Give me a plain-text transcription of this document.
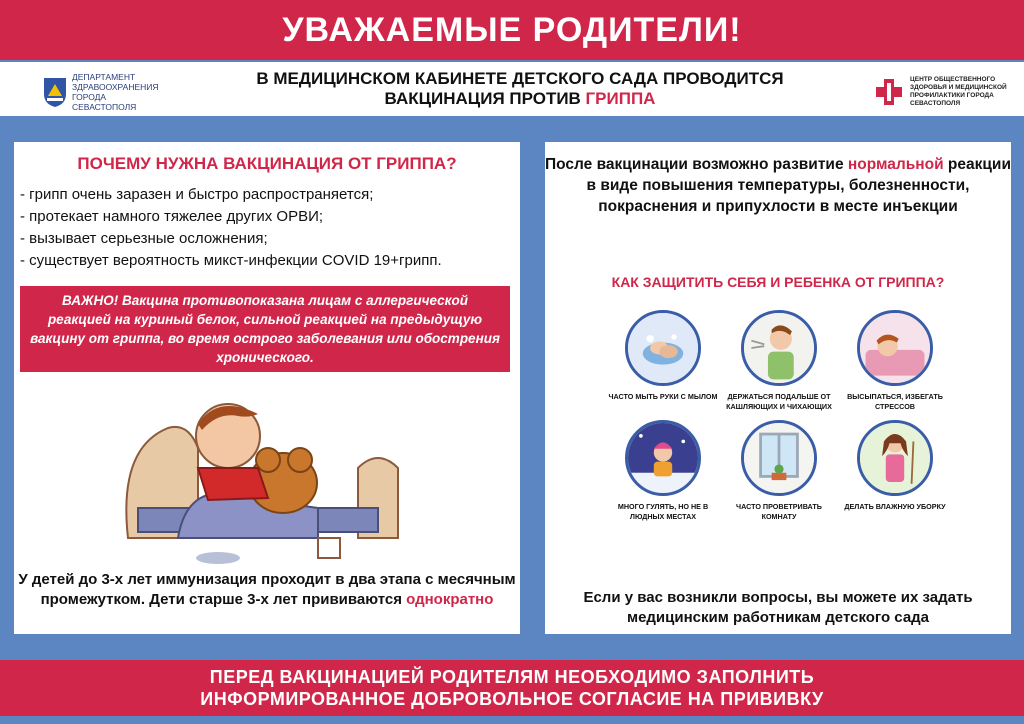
УВАЖАЕМЫЕ РОДИТЕЛИ!
ДЕПАРТАМЕНТ ЗДРАВООХРАНЕНИЯ ГОРОДА СЕВАСТОПОЛЯ
В МЕДИЦИНСКОМ КАБИНЕТЕ ДЕТСКОГО САДА ПРОВОДИТСЯ
ВАКЦИНАЦИЯ ПРОТИВ ГРИППА
ЦЕНТР ОБЩЕСТВЕННОГО ЗДОРОВЬЯ И МЕДИЦИНСКОЙ ПРОФИЛАКТИКИ ГОРОДА СЕВАСТОПОЛЯ
ПОЧЕМУ НУЖНА ВАКЦИНАЦИЯ ОТ ГРИППА?
- грипп очень заразен и быстро распространяется;
- протекает намного тяжелее других ОРВИ;
- вызывает серьезные осложнения;
- существует вероятность микст-инфекции COVID 19+грипп.
ВАЖНО! Вакцина противопоказана лицам с аллергической реакцией на куриный белок, сильной реакцией на предыдущую вакцину от гриппа, во время острого заболевания или обострения хронического.
У детей до 3-х лет иммунизация проходит в два этапа с месячным промежутком. Дети старше 3-х лет прививаются однократно
После вакцинации возможно развитие нормальной реакции в виде повышения температуры, болезненности, покраснения и припухлости в месте инъекции
КАК ЗАЩИТИТЬ СЕБЯ И РЕБЕНКА ОТ ГРИППА?
ЧАСТО МЫТЬ РУКИ С МЫЛОМ	ДЕРЖАТЬСЯ ПОДАЛЬШЕ ОТ КАШЛЯЮЩИХ И ЧИХАЮЩИХ
ВЫСЫПАТЬСЯ, ИЗБЕГАТЬ СТРЕССОВ
МНОГО ГУЛЯТЬ, НО НЕ В ЛЮДНЫХ МЕСТАХ
ЧАСТО ПРОВЕТРИВАТЬ КОМНАТУ
ДЕЛАТЬ ВЛАЖНУЮ УБОРКУ
Если у вас возникли вопросы, вы можете их задать медицинским работникам детского сада
ПЕРЕД ВАКЦИНАЦИЕЙ РОДИТЕЛЯМ НЕОБХОДИМО ЗАПОЛНИТЬ
ИНФОРМИРОВАННОЕ ДОБРОВОЛЬНОЕ СОГЛАСИЕ НА ПРИВИВКУ
